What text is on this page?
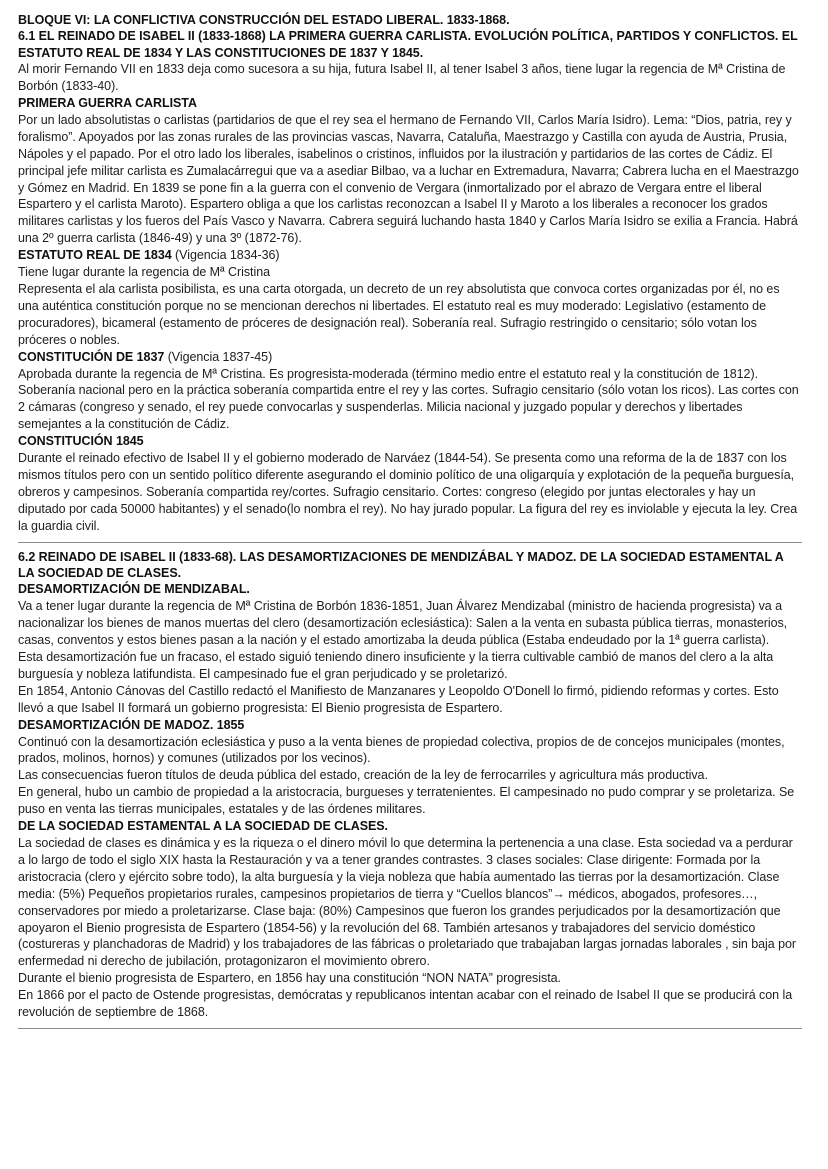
BLOQUE VI: LA CONFLICTIVA CONSTRUCCIÓN DEL ESTADO LIBERAL. 1833-1868.

6.1 EL REINADO DE ISABEL II (1833-1868) LA PRIMERA GUERRA CARLISTA. EVOLUCIÓN POLÍTICA, PARTIDOS Y CONFLICTOS. EL ESTATUTO REAL DE 1834 Y LAS CONSTITUCIONES DE 1837 Y 1845.

Al morir Fernando VII en 1833 deja como sucesora a su hija, futura Isabel II, al tener Isabel 3 años, tiene lugar la regencia de Mª Cristina de Borbón (1833-40).

PRIMERA GUERRA CARLISTA

Por un lado absolutistas o carlistas (partidarios de que el rey sea el hermano de Fernando VII, Carlos María Isidro). Lema: “Dios, patria, rey y foralismo”. Apoyados por las zonas rurales de las provincias vascas, Navarra, Cataluña, Maestrazgo y Castilla con ayuda de Austria, Prusia, Nápoles y el papado. Por el otro lado los liberales, isabelinos o cristinos, influidos por la ilustración y partidarios de las cortes de Cádiz. El principal jefe militar carlista es Zumalacárregui que va a asediar Bilbao, va a luchar en Extremadura, Navarra; Cabrera lucha en el Maestrazgo y Gómez en Madrid. En 1839 se pone fin a la guerra con el convenio de Vergara (inmortalizado por el abrazo de Vergara entre el liberal Espartero y el carlista Maroto). Espartero obliga a que los carlistas reconozcan a Isabel II y Maroto a los liberales a reconocer los grados militares carlistas y los fueros del País Vasco y Navarra. Cabrera seguirá luchando hasta 1840 y Carlos María Isidro se exilia a Francia. Habrá una 2º guerra carlista (1846-49) y una 3º (1872-76).

ESTATUTO REAL DE 1834 (Vigencia 1834-36)

Tiene lugar durante la regencia de Mª Cristina

Representa el ala carlista posibilista, es una carta otorgada, un decreto de un rey absolutista que convoca cortes organizadas por él, no es una auténtica constitución porque no se mencionan derechos ni libertades. El estatuto real es muy moderado: Legislativo (estamento de procuradores), bicameral (estamento de próceres de designación real). Soberanía real. Sufragio restringido o censitario; sólo votan los próceres o nobles.

CONSTITUCIÓN DE 1837 (Vigencia 1837-45)

Aprobada durante la regencia de Mª Cristina. Es progresista-moderada (término medio entre el estatuto real y la constitución de 1812). Soberanía nacional pero en la práctica soberanía compartida entre el rey y las cortes. Sufragio censitario (sólo votan los ricos). Las cortes con 2 cámaras (congreso y senado, el rey puede convocarlas y suspenderlas. Milicia nacional y juzgado popular y derechos y libertades semejantes a la constitución de Cádiz.

CONSTITUCIÓN 1845

Durante el reinado efectivo de Isabel II y el gobierno moderado de Narváez (1844-54). Se presenta como una reforma de la de 1837 con los mismos títulos pero con un sentido político diferente asegurando el dominio político de una oligarquía y explotación de la pequeña burguesía, obreros y campesinos. Soberanía compartida rey/cortes. Sufragio censitario. Cortes: congreso (elegido por juntas electorales y hay un diputado por cada 50000 habitantes) y el senado(lo nombra el rey). No hay jurado popular. La figura del rey es inviolable y ejecuta la ley. Crea la guardia civil.

6.2 REINADO DE ISABEL II (1833-68). LAS DESAMORTIZACIONES DE MENDIZÁBAL Y MADOZ. DE LA SOCIEDAD ESTAMENTAL A LA SOCIEDAD DE CLASES.

DESAMORTIZACIÓN DE MENDIZABAL.

Va a tener lugar durante la regencia de Mª Cristina de Borbón 1836-1851, Juan Álvarez Mendizabal (ministro de hacienda progresista) va a nacionalizar los bienes de manos muertas del clero (desamortización eclesiástica): Salen a la venta en subasta pública tierras, monasterios, casas, conventos y estos bienes pasan a la nación y el estado amortizaba la deuda pública (Estaba endeudado por la 1ª guerra carlista).

Esta desamortización fue un fracaso, el estado siguió teniendo dinero insuficiente y la tierra cultivable cambió de manos del clero a la alta burguesía y nobleza latifundista. El campesinado fue el gran perjudicado y se proletarizó.

En 1854, Antonio Cánovas del Castillo redactó el Manifiesto de Manzanares y Leopoldo O'Donell lo firmó, pidiendo reformas y cortes. Esto llevó a que Isabel II formará un gobierno progresista: El Bienio progresista de Espartero.

DESAMORTIZACIÓN DE MADOZ. 1855

Continuó con la desamortización eclesiástica y puso a la venta bienes de propiedad colectiva, propios de de concejos municipales (montes, prados, molinos, hornos) y comunes (utilizados por los vecinos).

Las consecuencias fueron títulos de deuda pública del estado, creación de la ley de ferrocarriles y agricultura más productiva.

En general, hubo un cambio de propiedad a la aristocracia, burgueses y terratenientes. El campesinado no pudo comprar y se proletariza. Se puso en venta las tierras municipales, estatales y de las órdenes militares.

DE LA SOCIEDAD ESTAMENTAL A LA SOCIEDAD DE CLASES.

La sociedad de clases es dinámica y es la riqueza o el dinero móvil lo que determina la pertenencia a una clase. Esta sociedad va a perdurar a lo largo de todo el siglo XIX hasta la Restauración y va a tener grandes contrastes. 3 clases sociales: Clase dirigente: Formada por la aristocracia (clero y ejército sobre todo), la alta burguesía y la vieja nobleza que había aumentado las tierras por la desamortización. Clase media: (5%) Pequeños propietarios rurales, campesinos propietarios de tierra y “Cuellos blancos”→ médicos, abogados, profesores…, conservadores por miedo a proletarizarse. Clase baja: (80%) Campesinos que fueron los grandes perjudicados por la desamortización que apoyaron el Bienio progresista de Espartero (1854-56) y la revolución del 68. También artesanos y trabajadores del servicio doméstico (costureras y planchadoras de Madrid) y los trabajadores de las fábricas o proletariado que trabajaban largas jornadas laborales , sin baja por enfermedad ni derecho de jubilación, protagonizaron el movimiento obrero.

Durante el bienio progresista de Espartero, en 1856 hay una constitución “NON NATA” progresista.

En 1866 por el pacto de Ostende progresistas, demócratas y republicanos intentan acabar con el reinado de Isabel II que se producirá con la revolución de septiembre de 1868.
